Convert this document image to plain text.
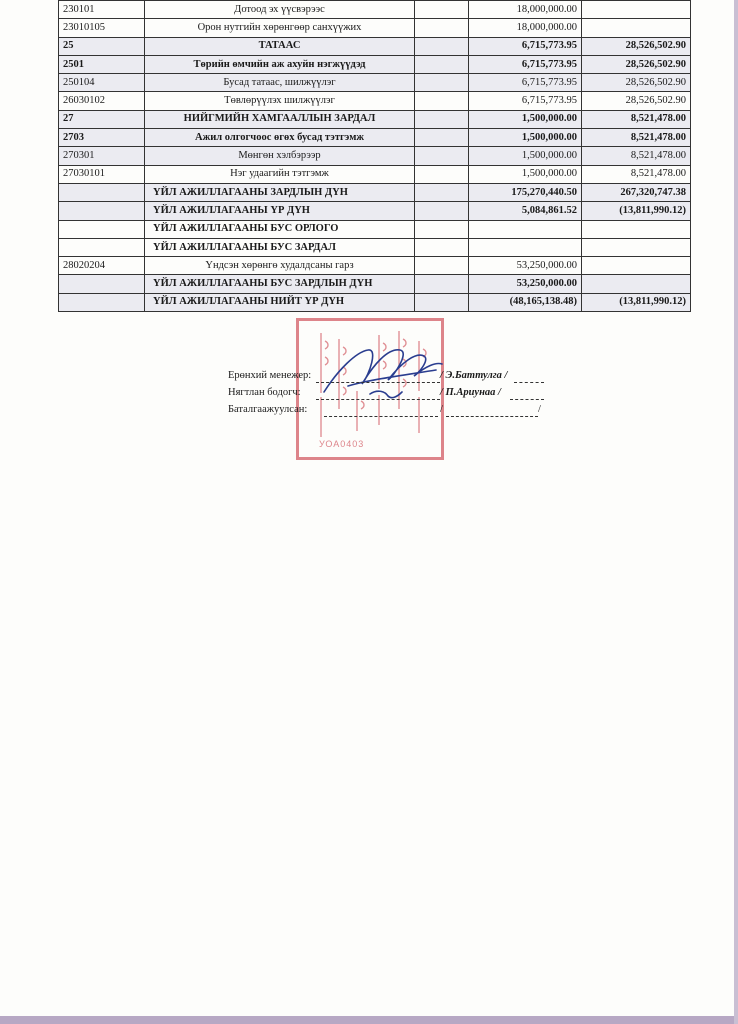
230101	Дотоод эх үүсвэрээс		18,000,000.00	
23010105	Орон нутгийн хөрөнгөөр санхүүжих		18,000,000.00	
25	ТАТААС		6,715,773.95	28,526,502.90
2501	Төрийн өмчийн аж ахуйн нэгжүүдэд		6,715,773.95	28,526,502.90
250104	Бусад татаас, шилжүүлэг		6,715,773.95	28,526,502.90
26030102	Төвлөрүүлэх шилжүүлэг		6,715,773.95	28,526,502.90
27	НИЙГМИЙН ХАМГААЛЛЫН ЗАРДАЛ		1,500,000.00	8,521,478.00
2703	Ажил олгогчоос өгөх бусад тэтгэмж		1,500,000.00	8,521,478.00
270301	Мөнгөн хэлбэрээр		1,500,000.00	8,521,478.00
27030101	Нэг удаагийн тэтгэмж		1,500,000.00	8,521,478.00
	ҮЙЛ АЖИЛЛАГААНЫ ЗАРДЛЫН ДҮН		175,270,440.50	267,320,747.38
	ҮЙЛ АЖИЛЛАГААНЫ ҮР ДҮН		5,084,861.52	(13,811,990.12)
	ҮЙЛ АЖИЛЛАГААНЫ БУС ОРЛОГО			
	ҮЙЛ АЖИЛЛАГААНЫ БУС ЗАРДАЛ			
28020204	Үндсэн хөрөнгө худалдсаны гарз		53,250,000.00	
	ҮЙЛ АЖИЛЛАГААНЫ БУС ЗАРДЛЫН ДҮН		53,250,000.00	
	ҮЙЛ АЖИЛЛАГААНЫ НИЙТ ҮР ДҮН		(48,165,138.48)	(13,811,990.12)
УОА0403
Ерөнхий менежер:	/ Э.Баттулга /
Нягтлан бодогч:	/ П.Ариунаа /
Баталгаажуулсан:	/	/
